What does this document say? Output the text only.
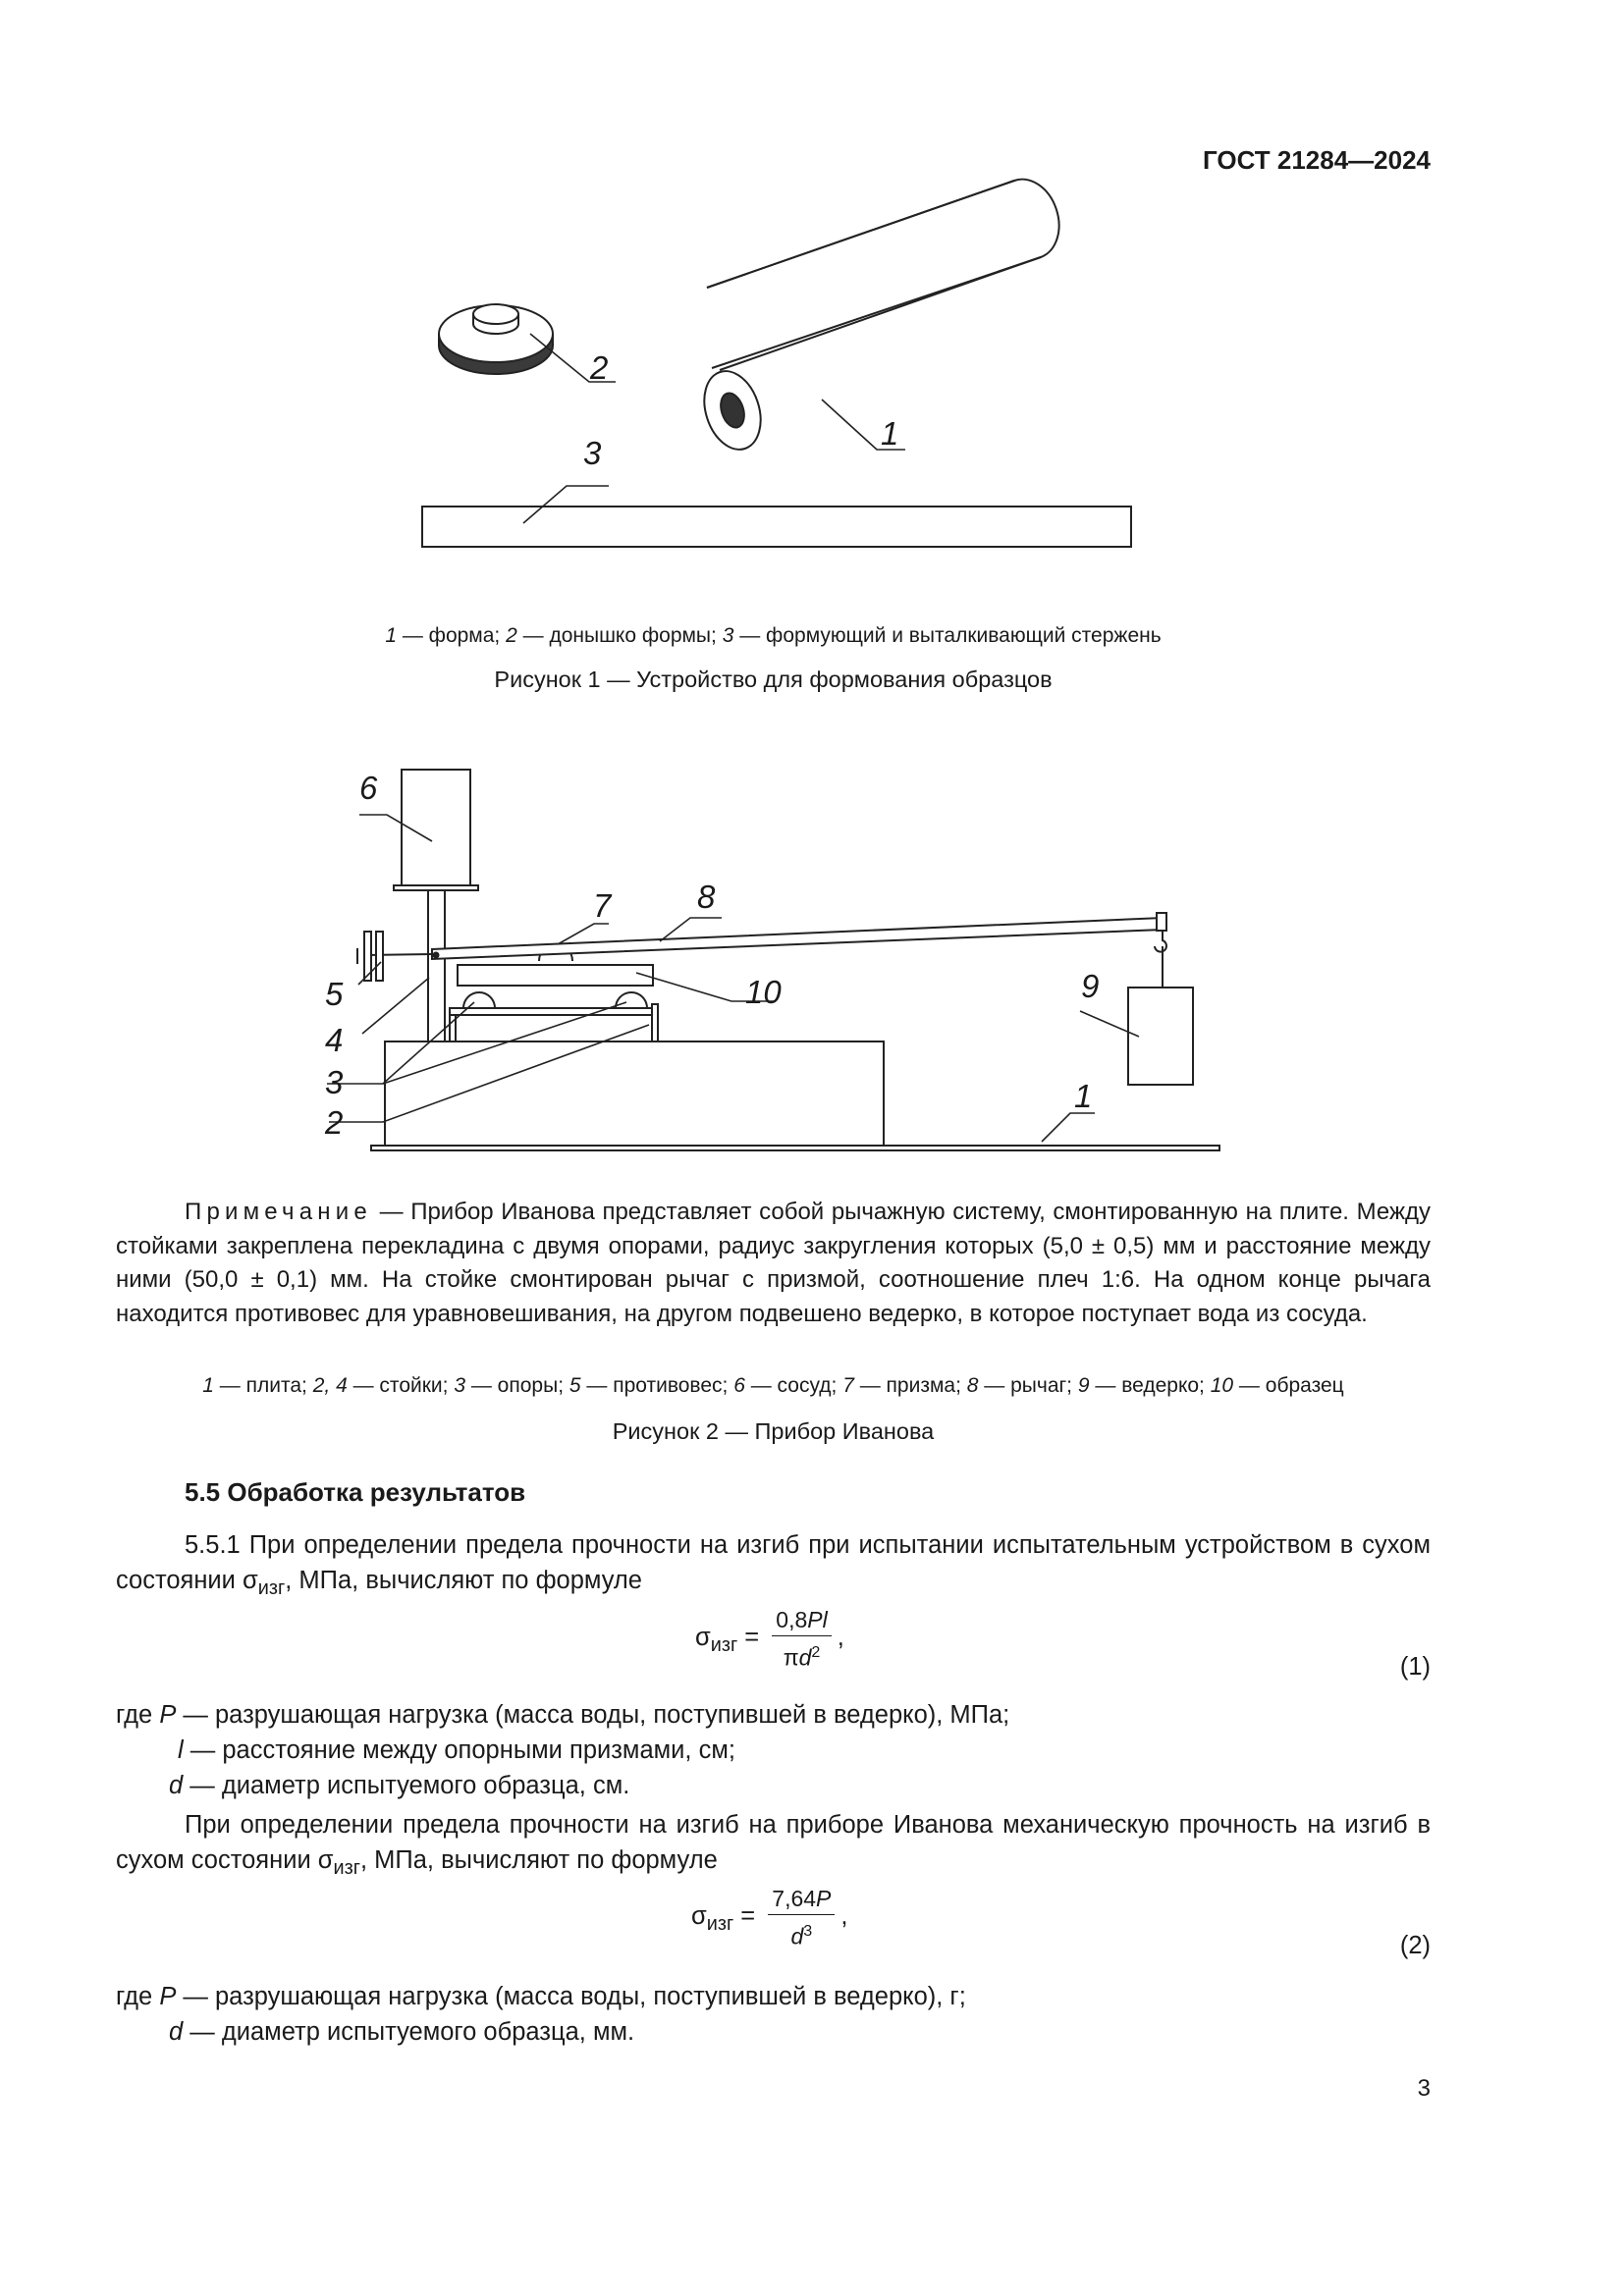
ГОСТ 21284—2024
2
1
3
1 — форма; 2 — донышко формы; 3 — формующий и выталкивающий стержень
Рисунок 1 — Устройство для формования образцов
6
7	8
5	10	9
4
3	1
2
Примечание — Прибор Иванова представляет собой рычажную систему, смонтированную на плите. Между стойками закреплена перекладина с двумя опорами, радиус закругления которых (5,0 ± 0,5) мм и расстояние между ними (50,0 ± 0,1) мм. На стойке смонтирован рычаг с призмой, соотношение плеч 1:6. На одном конце рычага находится противовес для уравновешивания, на другом подвешено ведерко, в которое поступает вода из сосуда.
1 — плита; 2, 4 — стойки; 3 — опоры; 5 — противовес; 6 — сосуд; 7 — призма; 8 — рычаг; 9 — ведерко; 10 — образец
Рисунок 2 — Прибор Иванова
5.5 Обработка результатов
5.5.1 При определении предела прочности на изгиб при испытании испытательным устройством в сухом состоянии $\sigma_{изг}$, МПа, вычисляют по формуле
$\sigma_{изг} = \frac{0,8Pl}{\pi d^2}$ ,
(1)
где P — разрушающая нагрузка (масса воды, поступившей в ведерко), МПа;
l — расстояние между опорными призмами, см;
d — диаметр испытуемого образца, см.
При определении предела прочности на изгиб на приборе Иванова механическую прочность на изгиб в сухом состоянии $\sigma_{изг}$, МПа, вычисляют по формуле
$\sigma_{изг} = \frac{7,64P}{d^3}$ ,
(2)
где P — разрушающая нагрузка (масса воды, поступившей в ведерко), г;
d — диаметр испытуемого образца, мм.
3
